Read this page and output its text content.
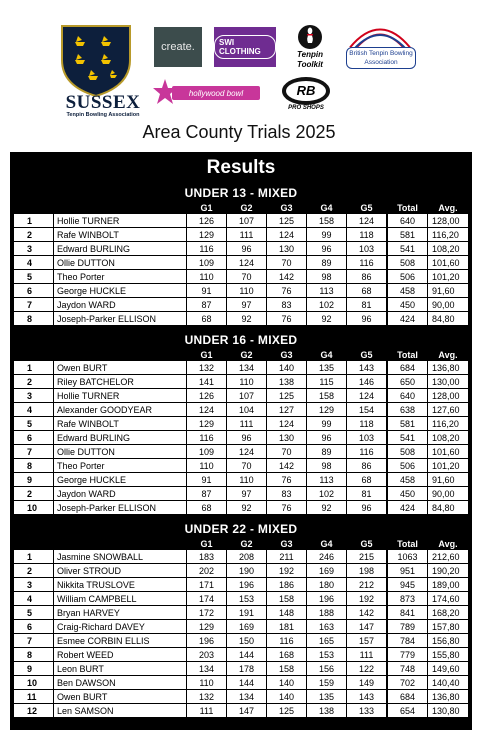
SUSSEX
Tenpin Bowling Association
create.	SWI CLOTHING	Tenpin
Toolkit
British Tenpin Bowling Association
hollywood bowl	RB
PRO SHOPS
Area County Trials 2025
Results
UNDER 13 - MIXED
G1	G2	G3	G4	G5	Total	Avg.
1	Hollie TURNER	126	107	125	158	124	640	128,00
2	Rafe WINBOLT	129	111	124	99	118	581	116,20
3	Edward BURLING	116	96	130	96	103	541	108,20
4	Ollie DUTTON	109	124	70	89	116	508	101,60
5	Theo Porter	110	70	142	98	86	506	101,20
6	George HUCKLE	91	110	76	113	68	458	91,60
7	Jaydon WARD	87	97	83	102	81	450	90,00
8	Joseph-Parker ELLISON	68	92	76	92	96	424	84,80
UNDER 16 - MIXED
G1	G2	G3	G4	G5	Total	Avg.
1	Owen BURT	132	134	140	135	143	684	136,80
2	Riley BATCHELOR	141	110	138	115	146	650	130,00
3	Hollie TURNER	126	107	125	158	124	640	128,00
4	Alexander GOODYEAR	124	104	127	129	154	638	127,60
5	Rafe WINBOLT	129	111	124	99	118	581	116,20
6	Edward BURLING	116	96	130	96	103	541	108,20
7	Ollie DUTTON	109	124	70	89	116	508	101,60
8	Theo Porter	110	70	142	98	86	506	101,20
9	George HUCKLE	91	110	76	113	68	458	91,60
2	Jaydon WARD	87	97	83	102	81	450	90,00
10	Joseph-Parker ELLISON	68	92	76	92	96	424	84,80
UNDER 22 - MIXED
G1	G2	G3	G4	G5	Total	Avg.
1	Jasmine SNOWBALL	183	208	211	246	215	1063	212,60
2	Oliver STROUD	202	190	192	169	198	951	190,20
3	Nikkita TRUSLOVE	171	196	186	180	212	945	189,00
4	William CAMPBELL	174	153	158	196	192	873	174,60
5	Bryan HARVEY	172	191	148	188	142	841	168,20
6	Craig-Richard DAVEY	129	169	181	163	147	789	157,80
7	Esmee CORBIN ELLIS	196	150	116	165	157	784	156,80
8	Robert WEED	203	144	168	153	111	779	155,80
9	Leon BURT	134	178	158	156	122	748	149,60
10	Ben DAWSON	110	144	140	159	149	702	140,40
11	Owen BURT	132	134	140	135	143	684	136,80
12	Len SAMSON	111	147	125	138	133	654	130,80
